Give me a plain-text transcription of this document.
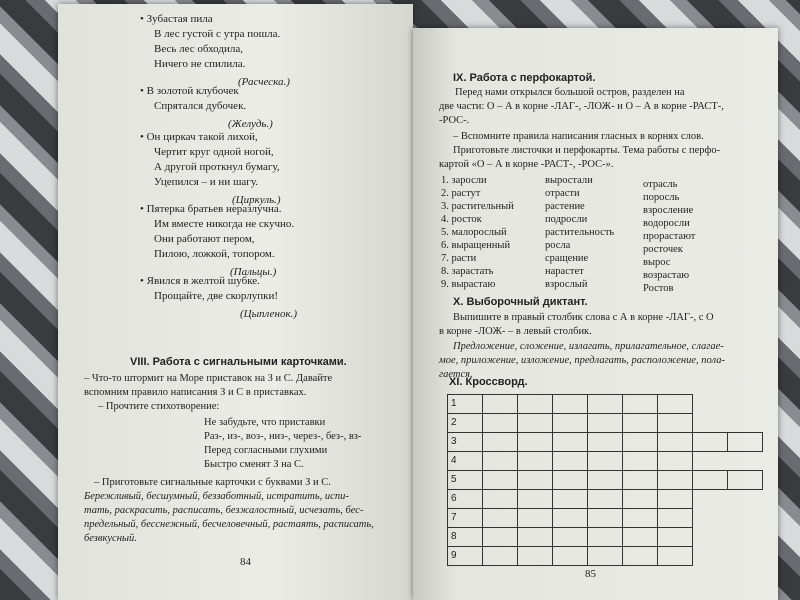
• Зубастая пила
В лес густой с утра пошла.
Весь лес обходила,
Ничего не спилила.
(Расческа.)
• В золотой клубочек
Спрятался дубочек.
(Желудь.)
• Он циркач такой лихой,
Чертит круг одной ногой,
А другой проткнул бумагу,
Уцепился – и ни шагу.
(Циркуль.)
• Пятерка братьев неразлучна.
Им вместе никогда не скучно.
Они работают пером,
Пилою, ложкой, топором.
(Пальцы.)
• Явился в желтой шубке.
Прощайте, две скорлупки!
(Цыпленок.)
VIII. Работа с сигнальными карточками.
– Что-то штормит на Море приставок на З и С. Давайте
вспомним правило написания З и С в приставках.
– Прочтите стихотворение:
Не забудьте, что приставки
Раз-, из-, воз-, низ-, через-, без-, вз-
Перед согласными глухими
Быстро сменят З на С.
– Приготовьте сигнальные карточки с буквами З и С.
Бережливый, бесшумный, беззаботный, истратить, испи-
тать, раскрасить, расписать, безжалостный, исчезать, бес-
предельный, бесснежный, бесчеловечный, растаять, расписать,
безвкусный.
84
IX. Работа с перфокартой.
Перед нами открылся большой остров, разделен на
две части: О – А в корне -ЛАГ-, -ЛОЖ- и О – А в корне -РАСТ-,
-РОС-.
– Вспомните правила написания гласных в корнях слов.
Приготовьте листочки и перфокарты. Тема работы с перфо-
картой «О – А в корне -РАСТ-, -РОС-».
1. заросли	выростали	отрасль
2. растут	отрасти	поросль
3. растительный	растение	взросление
4. росток	подросли	водоросли
5. малорослый	растительность	прорастают
6. выращенный	росла	росточек
7. расти	сращение	вырос
8. зарастать	нарастет	возрастаю
9. вырастаю	взрослый	Ростов
X. Выборочный диктант.
Выпишите в правый столбик слова с А в корне -ЛАГ-, с О
в корне -ЛОЖ- – в левый столбик.
Предложение, сложение, излагать, прилагательное, слагае-
мое, приложение, изложение, предлагать, расположение, пола-
гается.
XI. Кроссворд.
1
2
3
4
5
6
7
8
9
85
